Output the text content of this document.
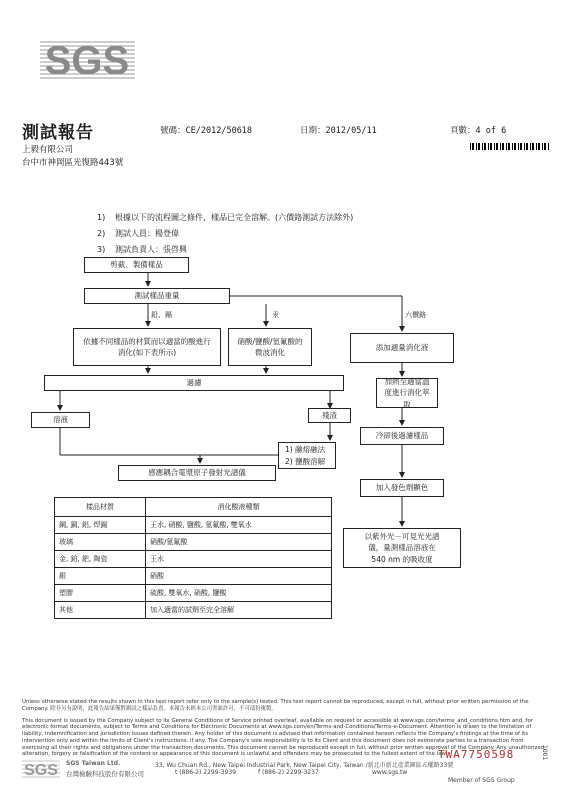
SGS
測試報告	號碼：CE/2012/50618	日期：2012/05/11	頁數：4 of 6
上毅有限公司
台中市神岡區光復路443號
1) 根據以下的流程圖之條件，樣品已完全溶解。(六價鉻測試方法除外)
2) 測試人員：楊登偉
3) 測試負責人：張啓興
剪截、製備樣品
測試樣品重量
鉛、鎘	汞	六價鉻
依據不同樣品的材質而以適當的酸進行消化(如下表所示)
硝酸/鹽酸/氫氟酸的微波消化
過濾
溶液	殘渣
1) 鹼熔融法
2) 鹽酸溶解
感應耦合電漿原子發射光譜儀
添加適量消化液
加熱至適當溫度進行消化萃取
冷卻後過濾樣品
加入發色劑顯色
以紫外光－可見光光譜
儀，量測樣品溶液在
540 nm 的吸收度
樣品材質	消化酸液種類
鋼, 銅, 鋁, 焊錫	王水, 硝酸, 鹽酸, 氫氟酸, 雙氧水
玻璃	硝酸/氫氟酸
金, 鉑, 鈀, 陶瓷	王水
銀	硝酸
塑膠	硫酸, 雙氧水, 硝酸, 鹽酸
其他	加入適當的試劑至完全溶解

Unless otherwise stated the results shown in this test report refer only to the sample(s) tested. This test report cannot be reproduced, except in full, without prior written permission of the Company. 除非另有說明，此報告結果僅對測試之樣品負責。本報告未經本公司書面許可，不可部份複製。

This document is issued by the Company subject to its General Conditions of Service printed overleaf, available on request or accessible at www.sgs.com/terms_and_conditions.htm and, for electronic format documents, subject to Terms and Conditions for Electronic Documents at www.sgs.com/en/Terms-and-Conditions/Terms-e-Document. Attention is drawn to the limitation of liability, indemnification and jurisdiction issues defined therein. Any holder of this document is advised that information contained hereon reflects the Company's findings at the time of its intervention only and within the limits of Client's instructions, if any. The Company's sole responsibility is to its Client and this document does not exonerate parties to a transaction from exercising all their rights and obligations under the transaction documents. This document cannot be reproduced except in full, without prior written approval of the Company. Any unauthorized alteration, forgery or falsification of the content or appearance of this document is unlawful and offenders may be prosecuted to the fullest extent of the law.

TWA7750598	1001
SGS SGS Taiwan Ltd.	33, Wu Chuan Rd., New Taipei Industrial Park, New Taipei City, Taiwan /新北市新北產業園區五權路33號
台灣檢驗科技股份有限公司	t (886-2) 2299-3939	f (886-2) 2299-3237	www.sgs.tw
Member of SGS Group
